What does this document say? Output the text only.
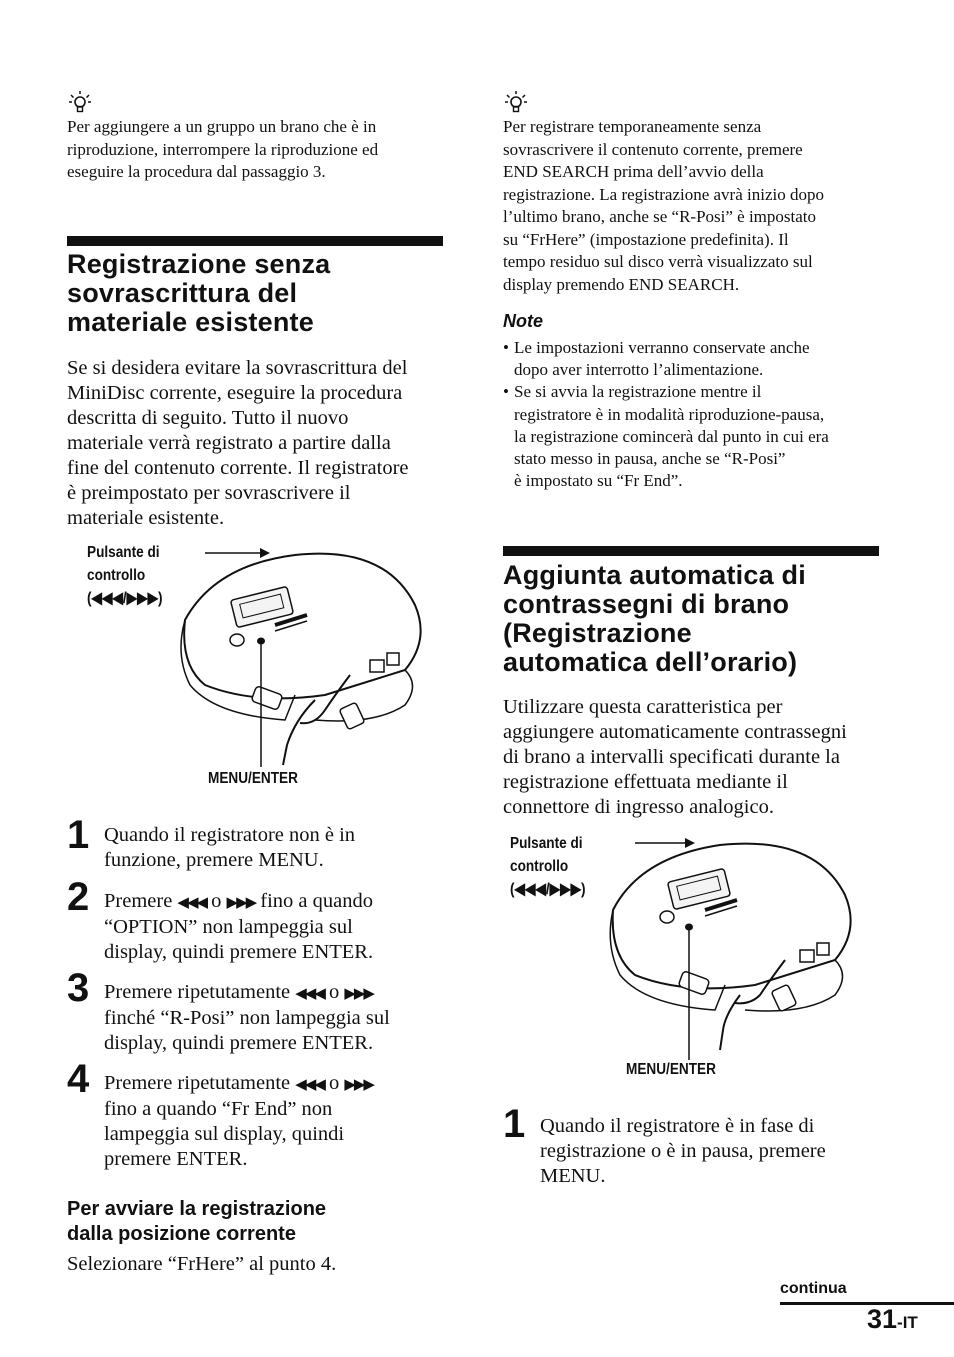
Per aggiungere a un gruppo un brano che è in
riproduzione, interrompere la riproduzione ed
eseguire la procedura dal passaggio 3.
Registrazione senza
sovrascrittura del
materiale esistente
Se si desidera evitare la sovrascrittura del
MiniDisc corrente, eseguire la procedura
descritta di seguito. Tutto il nuovo
materiale verrà registrato a partire dalla
fine del contenuto corrente. Il registratore
è preimpostato per sovrascrivere il
materiale esistente.
Pulsante di
controllo
(◀◀◀/▶▶▶)
MENU/ENTER
1 Quando il registratore non è in
funzione, premere MENU.
2 Premere ◀◀◀ o ▶▶▶ fino a quando
“OPTION” non lampeggia sul
display, quindi premere ENTER.
3 Premere ripetutamente ◀◀◀ o ▶▶▶
finché “R-Posi” non lampeggia sul
display, quindi premere ENTER.
4 Premere ripetutamente ◀◀◀ o ▶▶▶
fino a quando “Fr End” non
lampeggia sul display, quindi
premere ENTER.
Per avviare la registrazione
dalla posizione corrente
Selezionare “FrHere” al punto 4.
Per registrare temporaneamente senza
sovrascrivere il contenuto corrente, premere
END SEARCH prima dell’avvio della
registrazione. La registrazione avrà inizio dopo
l’ultimo brano, anche se “R-Posi” è impostato
su “FrHere” (impostazione predefinita). Il
tempo residuo sul disco verrà visualizzato sul
display premendo END SEARCH.
Note
• Le impostazioni verranno conservate anche
dopo aver interrotto l’alimentazione.
• Se si avvia la registrazione mentre il
registratore è in modalità riproduzione-pausa,
la registrazione comincerà dal punto in cui era
stato messo in pausa, anche se “R-Posi”
è impostato su “Fr End”.
Aggiunta automatica di
contrassegni di brano
(Registrazione
automatica dell’orario)
Utilizzare questa caratteristica per
aggiungere automaticamente contrassegni
di brano a intervalli specificati durante la
registrazione effettuata mediante il
connettore di ingresso analogico.
Pulsante di
controllo
(◀◀◀/▶▶▶)
MENU/ENTER
1 Quando il registratore è in fase di
registrazione o è in pausa, premere
MENU.
continua
31-IT
